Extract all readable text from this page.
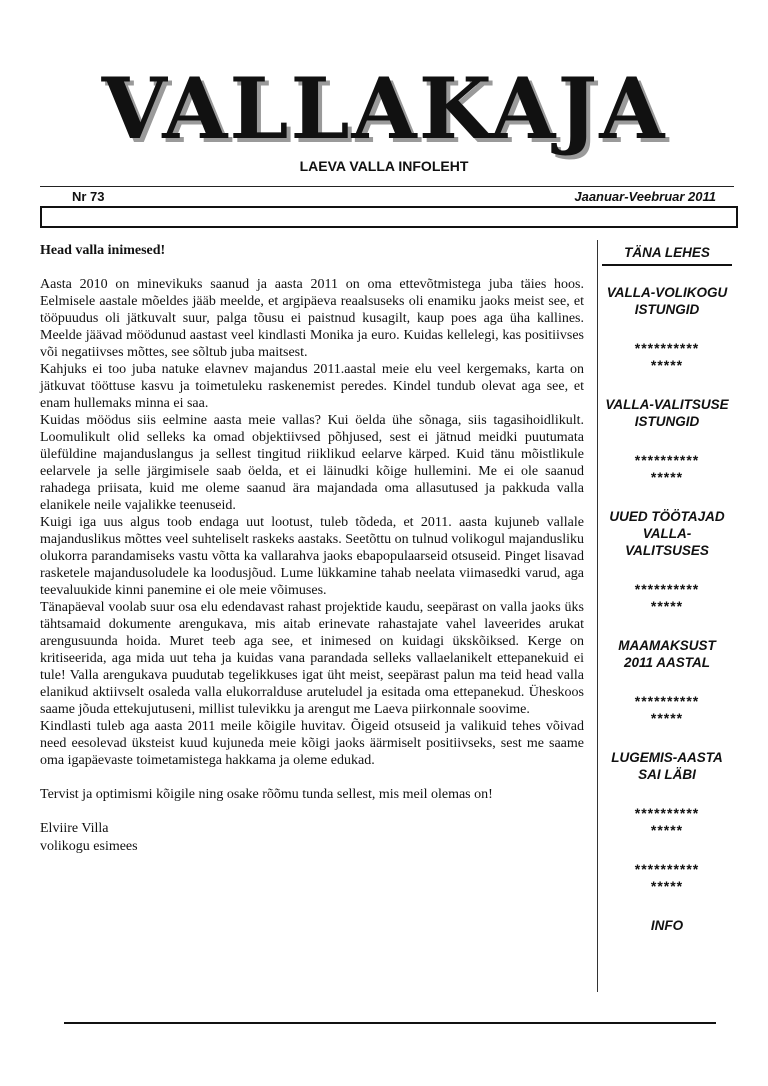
VALLAKAJA
LAEVA VALLA INFOLEHT
Nr 73	Jaanuar-Veebruar 2011

Head valla inimesed!

Aasta 2010 on minevikuks saanud ja aasta 2011 on oma ettevõtmistega juba täies hoos. Eelmisele aastale mõeldes jääb meelde, et argipäeva reaalsuseks oli enamiku jaoks meist see, et tööpuudus oli jätkuvalt suur, palga tõusu ei paistnud kusagilt, kaup poes aga üha kallines. Meelde jäävad möödunud aastast veel kindlasti Monika ja euro. Kuidas kellelegi, kas positiivses või negatiivses mõttes, see sõltub juba maitsest.

Kahjuks ei too juba natuke elavnev majandus 2011.aastal meie elu veel kergemaks, karta on jätkuvat tööttuse kasvu ja toimetuleku raskenemist peredes. Kindel tundub olevat aga see, et enam hullemaks minna ei saa.

Kuidas möödus siis eelmine aasta meie vallas? Kui öelda ühe sõnaga, siis tagasihoidlikult. Loomulikult olid selleks ka omad objektiivsed põhjused, sest ei jätnud meidki puutumata ülefüldine majanduslangus ja sellest tingitud riiklikud eelarve kärped. Kuid tänu mõistlikule eelarvele ja selle järgimisele saab öelda, et ei läinudki kõige hullemini. Me ei ole saanud rahadega priisata, kuid me oleme saanud ära majandada oma allasutused ja pakkuda valla elanikele neile vajalikke teenuseid.

Kuigi iga uus algus toob endaga uut lootust, tuleb tõdeda, et 2011. aasta kujuneb vallale majanduslikus mõttes veel suhteliselt raskeks aastaks. Seetõttu on tulnud volikogul majandusliku olukorra parandamiseks vastu võtta ka vallarahva jaoks ebapopulaarseid otsuseid. Pinget lisavad rasketele majandusoludele ka loodusjõud. Lume lükkamine tahab neelata viimasedki varud, aga teevaluukide kinni panemine ei ole meie võimuses.

Tänapäeval voolab suur osa elu edendavast rahast projektide kaudu, seepärast on valla jaoks üks tähtsamaid dokumente arengukava, mis aitab erinevate rahastajate vahel laveerides arukat arengusuunda hoida. Muret teeb aga see, et inimesed on kuidagi ükskõiksed. Kerge on kritiseerida, aga mida uut teha ja kuidas vana parandada selleks vallaelanikelt ettepanekuid ei tule! Valla arengukava puudutab tegelikkuses igat üht meist, seepärast palun ma teid head valla elanikud aktiivselt osaleda valla elukorralduse aruteludel ja esitada oma ettepanekud. Üheskoos saame jõuda ettekujutuseni, millist tulevikku ja arengut me Laeva piirkonnale soovime.

Kindlasti tuleb aga aasta 2011 meile kõigile huvitav. Õigeid otsuseid ja valikuid tehes võivad need eesolevad üksteist kuud kujuneda meie kõigi jaoks äärmiselt positiivseks, sest me saame oma igapäevaste toimetamistega hakkama ja oleme edukad.

Tervist ja optimismi kõigile ning osake rõõmu tunda sellest, mis meil olemas on!

Elviire Villa
volikogu esimees
TÄNA LEHES
VALLA-VOLIKOGU ISTUNGID
**********
*****
VALLA-VALITSUSE ISTUNGID
**********
*****
UUED TÖÖTAJAD VALLA-VALITSUSES
**********
*****
MAAMAKSUST 2011 AASTAL
**********
*****
LUGEMIS-AASTA SAI LÄBI
**********
*****
**********
*****
INFO
